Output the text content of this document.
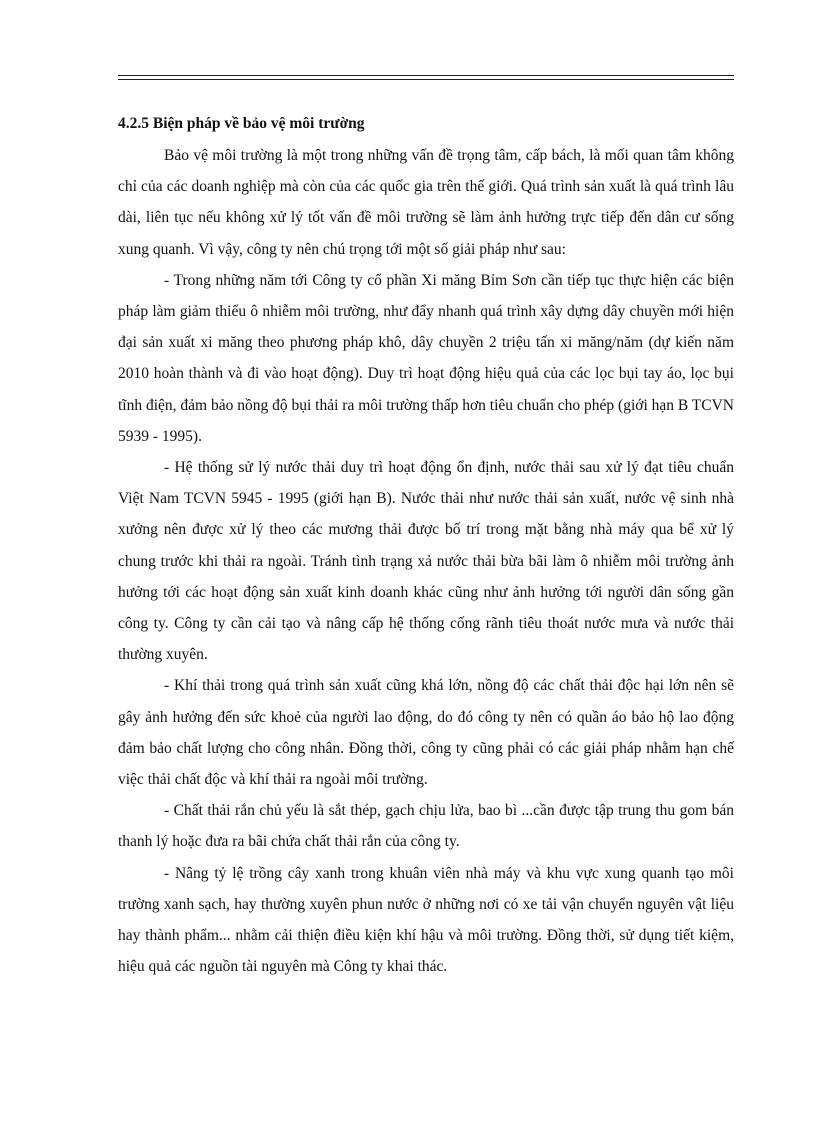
4.2.5 Biện pháp về bảo vệ môi trường

Bảo vệ môi trường là một trong những vấn đề trọng tâm, cấp bách, là mối quan tâm không chỉ của các doanh nghiệp mà còn của các quốc gia trên thế giới. Quá trình sản xuất là quá trình lâu dài, liên tục nếu không xử lý tốt vấn đề môi trường sẽ làm ảnh hưởng trực tiếp đến dân cư sống xung quanh. Vì vậy, công ty nên chú trọng tới một số giải pháp như sau:

- Trong những năm tới Công ty cổ phần Xi măng Bỉm Sơn cần tiếp tục thực hiện các biện pháp làm giảm thiểu ô nhiễm môi trường, như đẩy nhanh quá trình xây dựng dây chuyền mới hiện đại sản xuất xi măng theo phương pháp khô, dây chuyền 2 triệu tấn xi măng/năm (dự kiến năm 2010 hoàn thành và đi vào hoạt động). Duy trì hoạt động hiệu quả của các lọc bụi tay áo, lọc bụi tĩnh điện, đảm bảo nồng độ bụi thải ra môi trường thấp hơn tiêu chuẩn cho phép (giới hạn B TCVN 5939 - 1995).

- Hệ thống sử lý nước thải duy trì hoạt động ổn định, nước thải sau xử lý đạt tiêu chuẩn Việt Nam TCVN 5945 - 1995 (giới hạn B). Nước thải như nước thải sản xuất, nước vệ sinh nhà xưởng nên được xử lý theo các mương thải được bố trí trong mặt bằng nhà máy qua bể xử lý chung trước khi thải ra ngoài. Tránh tình trạng xả nước thải bừa bãi làm ô nhiễm môi trường ảnh hưởng tới các hoạt động sản xuất kinh doanh khác cũng như ảnh hưởng tới người dân sống gần công ty. Công ty cần cải tạo và nâng cấp hệ thống cống rãnh tiêu thoát nước mưa và nước thải thường xuyên.

- Khí thải trong quá trình sản xuất cũng khá lớn, nồng độ các chất thải độc hại lớn nên sẽ gây ảnh hưởng đến sức khoẻ của người lao động, do đó công ty nên có quần áo bảo hộ lao động đảm bảo chất lượng cho công nhân. Đồng thời, công ty cũng phải có các giải pháp nhằm hạn chế việc thải chất độc và khí thải ra ngoài môi trường.

- Chất thải rắn chủ yếu là sắt thép, gạch chịu lửa, bao bì ...cần được tập trung thu gom bán thanh lý hoặc đưa ra bãi chứa chất thải rắn của công ty.

- Nâng tỷ lệ trồng cây xanh trong khuân viên nhà máy và khu vực xung quanh tạo môi trường xanh sạch, hay thường xuyên phun nước ở những nơi có xe tải vận chuyển nguyên vật liệu hay thành phẩm... nhằm cải thiện điều kiện khí hậu và môi trường. Đồng thời, sử dụng tiết kiệm, hiệu quả các nguồn tài nguyên mà Công ty khai thác.
